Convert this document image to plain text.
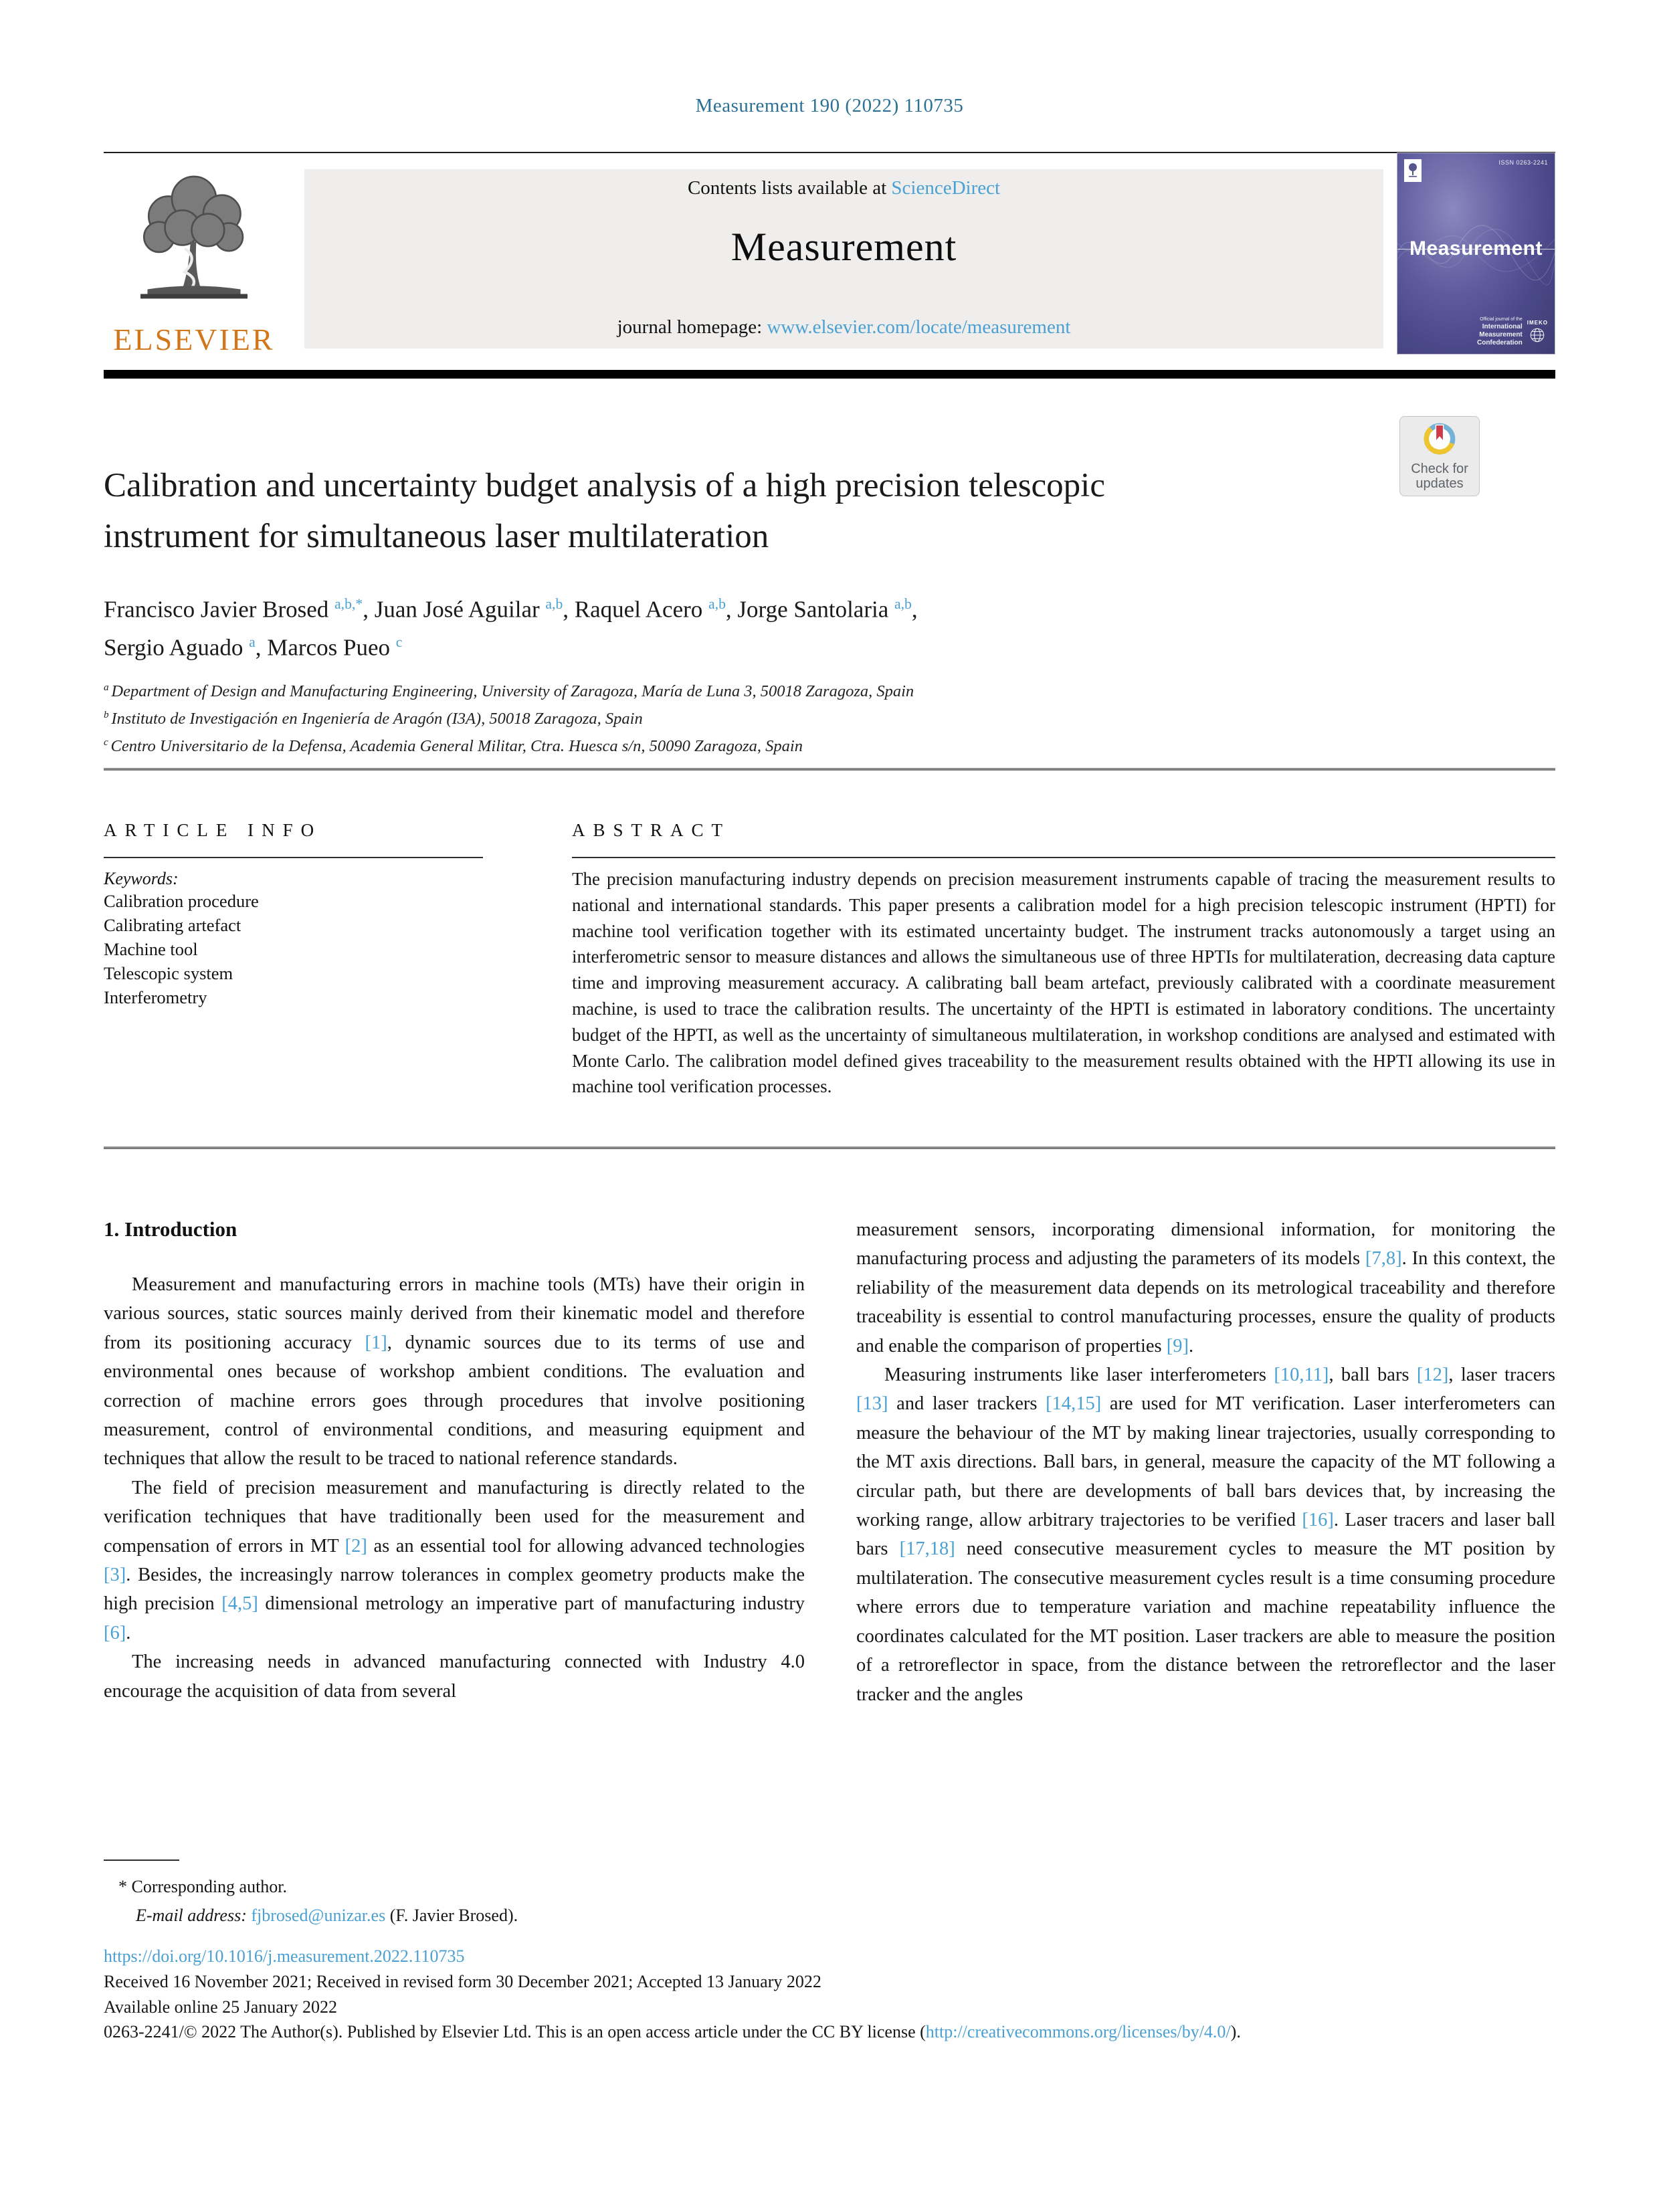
Measurement 190 (2022) 110735
ELSEVIER
Contents lists available at ScienceDirect
Measurement
journal homepage: www.elsevier.com/locate/measurement
ISSN 0263-2241
Measurement
Official journal of the
International
Measurement
Confederation
IMEKO
Check for
updates
Calibration and uncertainty budget analysis of a high precision telescopic
instrument for simultaneous laser multilateration
Francisco Javier Brosed $^{a,b,*}$, Juan José Aguilar $^{a,b}$, Raquel Acero $^{a,b}$, Jorge Santolaria $^{a,b}$,
Sergio Aguado $^a$, Marcos Pueo $^c$
$^a$ Department of Design and Manufacturing Engineering, University of Zaragoza, María de Luna 3, 50018 Zaragoza, Spain
$^b$ Instituto de Investigación en Ingeniería de Aragón (I3A), 50018 Zaragoza, Spain
$^c$ Centro Universitario de la Defensa, Academia General Militar, Ctra. Huesca s/n, 50090 Zaragoza, Spain
ARTICLE INFO
Keywords:
Calibration procedure
Calibrating artefact
Machine tool
Telescopic system
Interferometry
ABSTRACT
The precision manufacturing industry depends on precision measurement instruments capable of tracing the measurement results to national and international standards. This paper presents a calibration model for a high precision telescopic instrument (HPTI) for machine tool verification together with its estimated uncertainty budget. The instrument tracks autonomously a target using an interferometric sensor to measure distances and allows the simultaneous use of three HPTIs for multilateration, decreasing data capture time and improving measurement accuracy. A calibrating ball beam artefact, previously calibrated with a coordinate measurement machine, is used to trace the calibration results. The uncertainty of the HPTI is estimated in laboratory conditions. The uncertainty budget of the HPTI, as well as the uncertainty of simultaneous multilateration, in workshop conditions are analysed and estimated with Monte Carlo. The calibration model defined gives traceability to the measurement results obtained with the HPTI allowing its use in machine tool verification processes.
1. Introduction

Measurement and manufacturing errors in machine tools (MTs) have their origin in various sources, static sources mainly derived from their kinematic model and therefore from its positioning accuracy [1], dynamic sources due to its terms of use and environmental ones because of workshop ambient conditions. The evaluation and correction of machine errors goes through procedures that involve positioning measurement, control of environmental conditions, and measuring equipment and techniques that allow the result to be traced to national reference standards.

The field of precision measurement and manufacturing is directly related to the verification techniques that have traditionally been used for the measurement and compensation of errors in MT [2] as an essential tool for allowing advanced technologies [3]. Besides, the increasingly narrow tolerances in complex geometry products make the high precision [4,5] dimensional metrology an imperative part of manufacturing industry [6].

The increasing needs in advanced manufacturing connected with Industry 4.0 encourage the acquisition of data from several

measurement sensors, incorporating dimensional information, for monitoring the manufacturing process and adjusting the parameters of its models [7,8]. In this context, the reliability of the measurement data depends on its metrological traceability and therefore traceability is essential to control manufacturing processes, ensure the quality of products and enable the comparison of properties [9].

Measuring instruments like laser interferometers [10,11], ball bars [12], laser tracers [13] and laser trackers [14,15] are used for MT verification. Laser interferometers can measure the behaviour of the MT by making linear trajectories, usually corresponding to the MT axis directions. Ball bars, in general, measure the capacity of the MT following a circular path, but there are developments of ball bars devices that, by increasing the working range, allow arbitrary trajectories to be verified [16]. Laser tracers and laser ball bars [17,18] need consecutive measurement cycles to measure the MT position by multilateration. The consecutive measurement cycles result is a time consuming procedure where errors due to temperature variation and machine repeatability influence the coordinates calculated for the MT position. Laser trackers are able to measure the position of a retroreflector in space, from the distance between the retroreflector and the laser tracker and the angles

* Corresponding author.
E-mail address: fjbrosed@unizar.es (F. Javier Brosed).
https://doi.org/10.1016/j.measurement.2022.110735
Received 16 November 2021; Received in revised form 30 December 2021; Accepted 13 January 2022
Available online 25 January 2022
0263-2241/© 2022 The Author(s). Published by Elsevier Ltd. This is an open access article under the CC BY license (http://creativecommons.org/licenses/by/4.0/).
